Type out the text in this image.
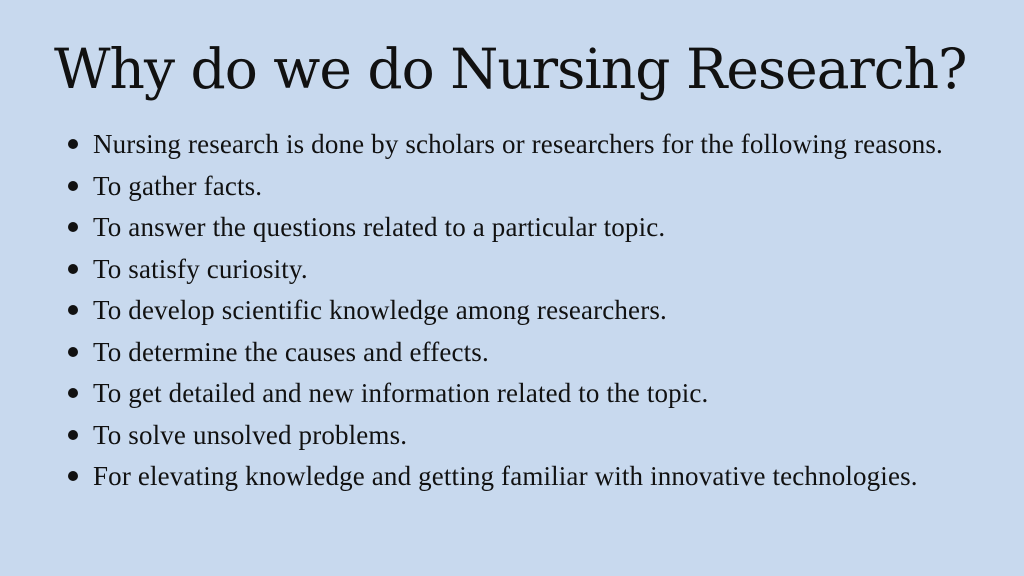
Why do we do Nursing Research?
Nursing research is done by scholars or researchers for the following reasons.
To gather facts.
To answer the questions related to a particular topic.
To satisfy curiosity.
To develop scientific knowledge among researchers.
To determine the causes and effects.
To get detailed and new information related to the topic.
To solve unsolved problems.
For elevating knowledge and getting familiar with innovative technologies.
